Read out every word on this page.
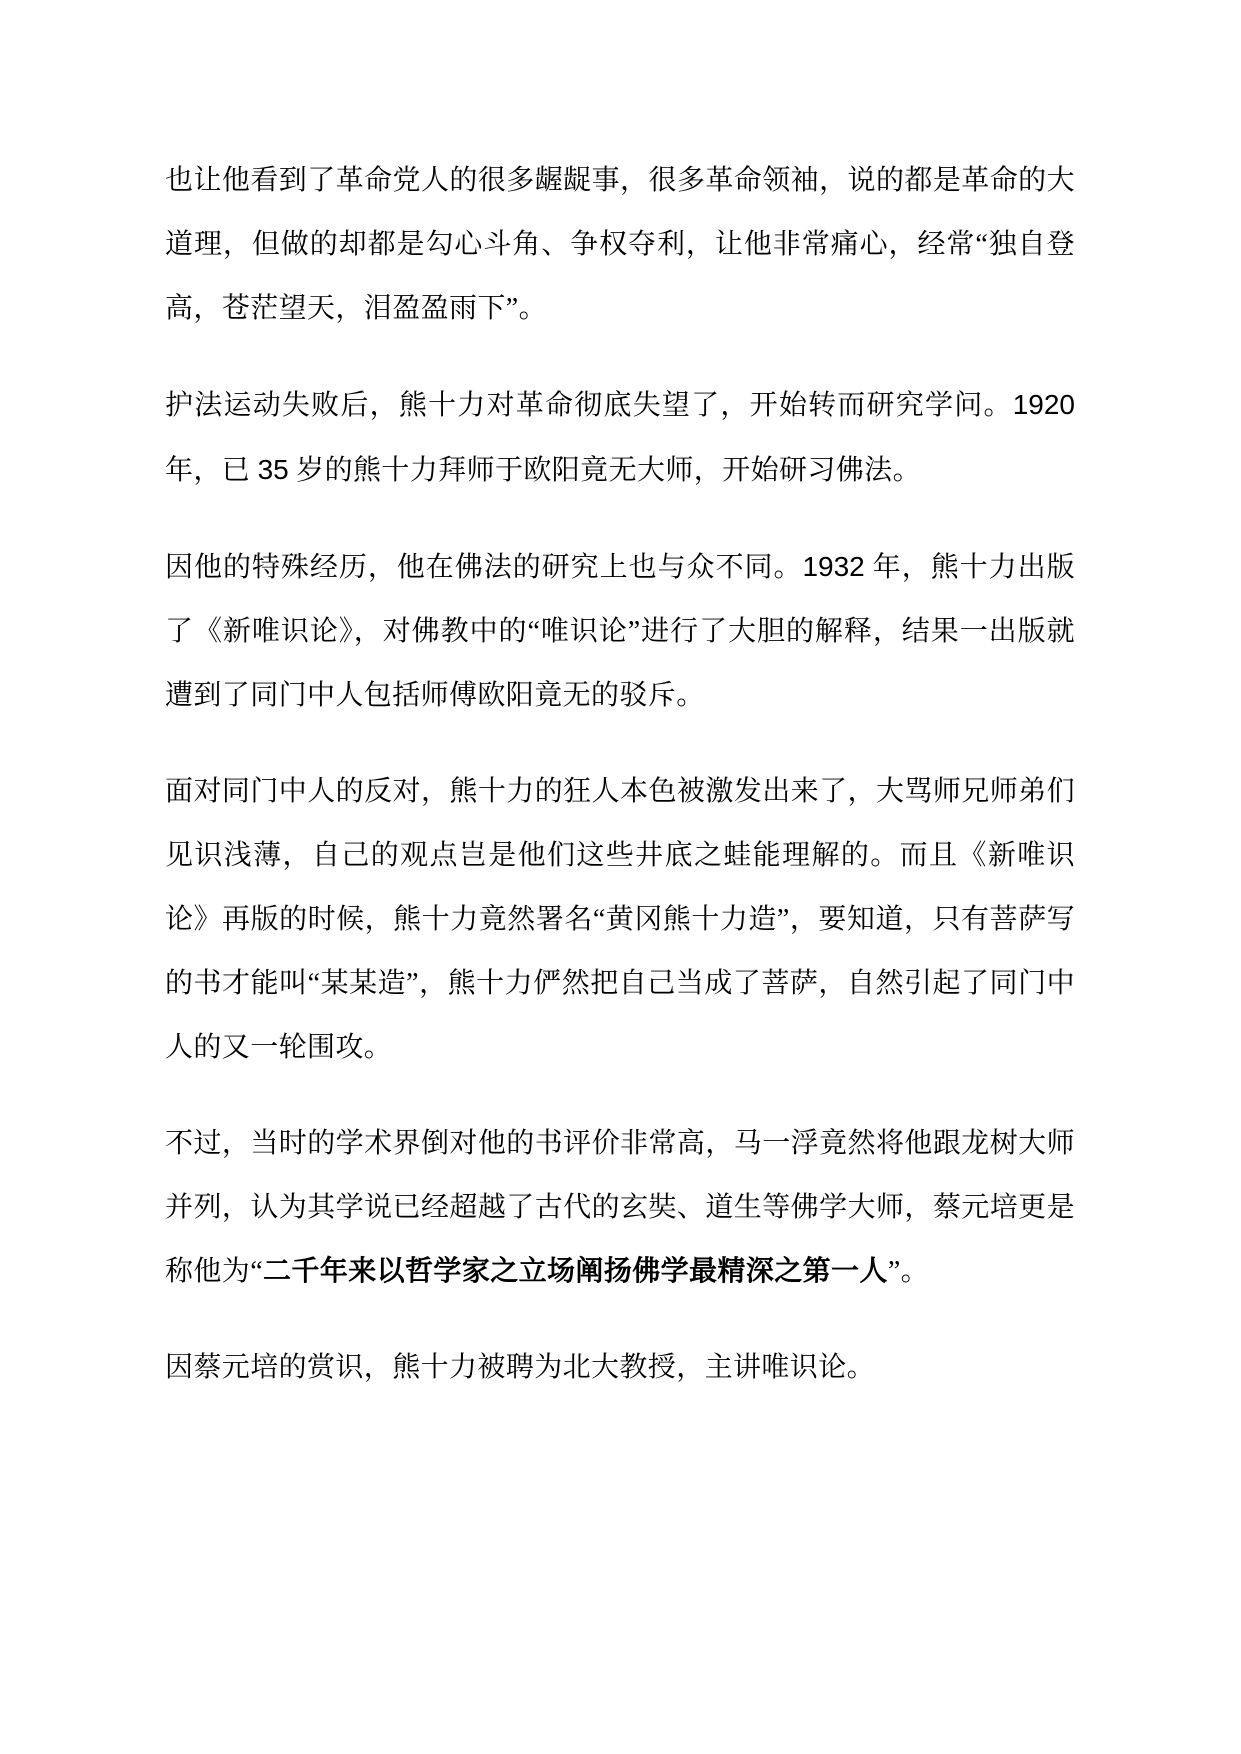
也让他看到了革命党人的很多龌龊事，很多革命领袖，说的都是革命的大道理，但做的却都是勾心斗角、争权夺利，让他非常痛心，经常“独自登高，苍茫望天，泪盈盈雨下”。

护法运动失败后，熊十力对革命彻底失望了，开始转而研究学问。1920 年，已 35 岁的熊十力拜师于欧阳竟无大师，开始研习佛法。

因他的特殊经历，他在佛法的研究上也与众不同。1932 年，熊十力出版了《新唯识论》，对佛教中的“唯识论”进行了大胆的解释，结果一出版就遭到了同门中人包括师傅欧阳竟无的驳斥。

面对同门中人的反对，熊十力的狂人本色被激发出来了，大骂师兄师弟们见识浅薄，自己的观点岂是他们这些井底之蛙能理解的。而且《新唯识论》再版的时候，熊十力竟然署名“黄冈熊十力造”，要知道，只有菩萨写的书才能叫“某某造”，熊十力俨然把自己当成了菩萨，自然引起了同门中人的又一轮围攻。

不过，当时的学术界倒对他的书评价非常高，马一浮竟然将他跟龙树大师并列，认为其学说已经超越了古代的玄奘、道生等佛学大师，蔡元培更是称他为“二千年来以哲学家之立场阐扬佛学最精深之第一人”。

因蔡元培的赏识，熊十力被聘为北大教授，主讲唯识论。
